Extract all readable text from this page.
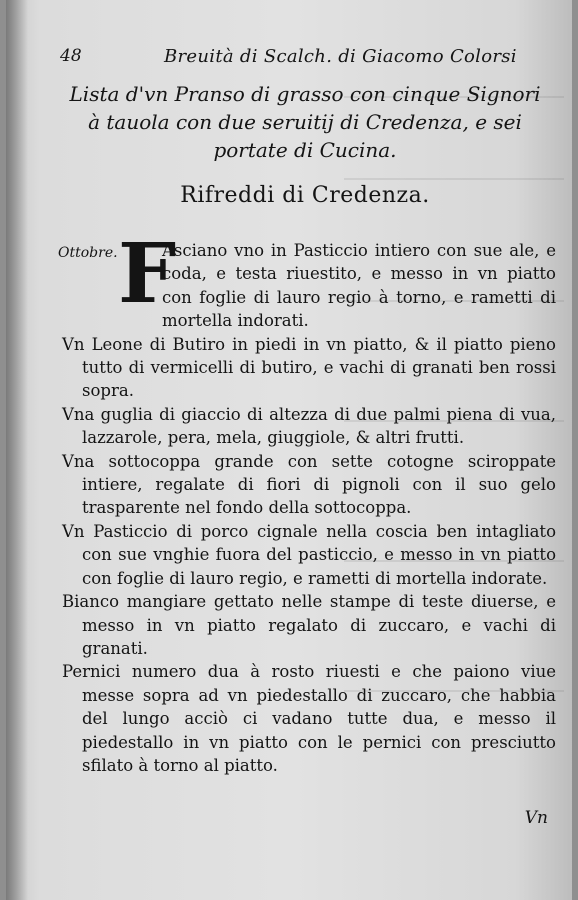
48	Breuità di Scalch. di Giacomo Colorsi
Lista d'vn Pranso di grasso con cinque Signori à tauola con due seruitij di Credenza, e sei portate di Cucina.
Rifreddi di Credenza.
Ottobre. F
Asciano vno in Pasticcio intiero con sue ale, e coda, e testa riuestito, e messo in vn piatto con foglie di lauro regio à torno, e rametti di mortella indorati.

Vn Leone di Butiro in piedi in vn piatto, & il piatto pieno tutto di vermicelli di butiro, e vachi di granati ben rossi sopra.

Vna guglia di giaccio di altezza di due palmi piena di vua, lazzarole, pera, mela, giuggiole, & altri frutti.

Vna sottocoppa grande con sette cotogne sciroppate intiere, regalate di fiori di pignoli con il suo gelo trasparente nel fondo della sottocoppa.

Vn Pasticcio di porco cignale nella coscia ben intagliato con sue vnghie fuora del pasticcio, e messo in vn piatto con foglie di lauro regio, e rametti di mortella indorate.

Bianco mangiare gettato nelle stampe di teste diuerse, e messo in vn piatto regalato di zuccaro, e vachi di granati.

Pernici numero dua à rosto riuesti e che paiono viue messe sopra ad vn piedestallo di zuccaro, che habbia del lungo acciò ci vadano tutte dua, e messo il piedestallo in vn piatto con le pernici con presciutto sfilato à torno al piatto.

Vn
